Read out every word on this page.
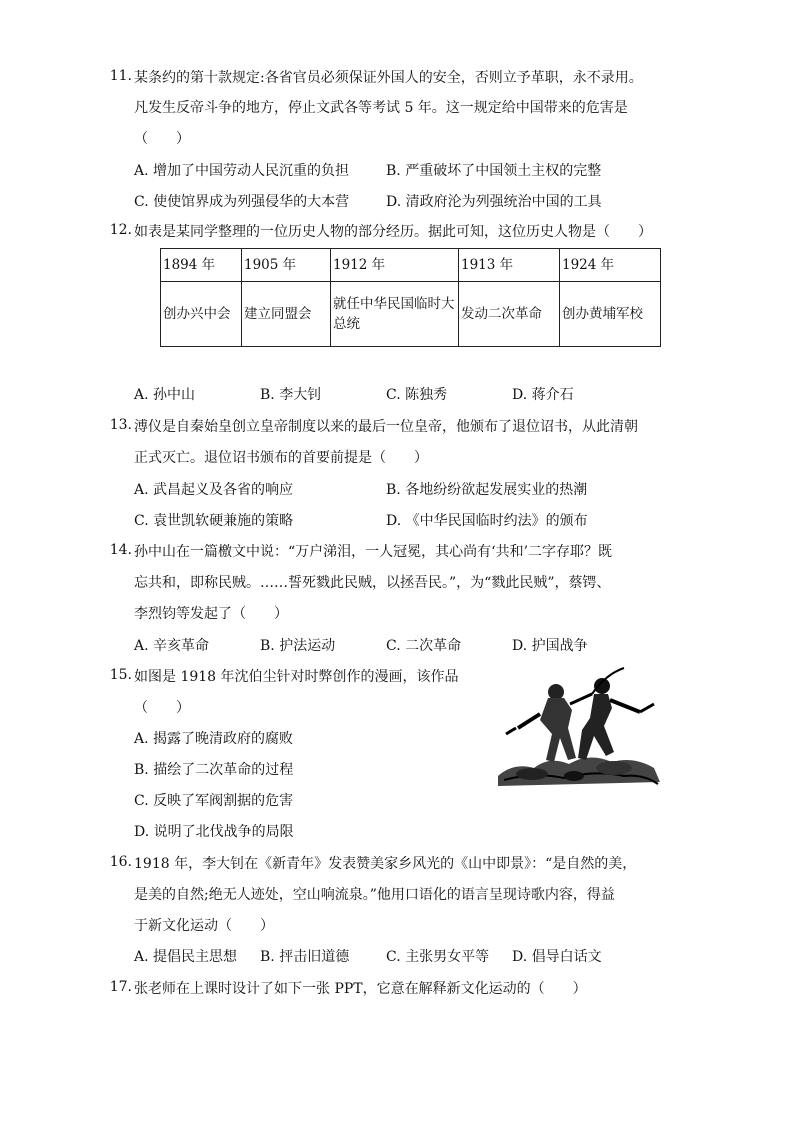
11. 某条约的第十款规定:各省官员必须保证外国人的安全，否则立予革职，永不录用。
凡发生反帝斗争的地方，停止文武各等考试 5 年。这一规定给中国带来的危害是
（　　）
A. 增加了中国劳动人民沉重的负担	B. 严重破坏了中国领土主权的完整
C. 使使馆界成为列强侵华的大本营	D. 清政府沦为列强统治中国的工具
12. 如表是某同学整理的一位历史人物的部分经历。据此可知，这位历史人物是（　　）
A. 孙中山	B. 李大钊	C. 陈独秀	D. 蒋介石
1894 年	1905 年	1912 年	1913 年	1924 年
创办兴中会	建立同盟会	就任中华民国临时大总统	发动二次革命	创办黄埔军校
13. 溥仪是自秦始皇创立皇帝制度以来的最后一位皇帝，他颁布了退位诏书，从此清朝
正式灭亡。退位诏书颁布的首要前提是（　　）
A. 武昌起义及各省的响应	B. 各地纷纷欲起发展实业的热潮
C. 袁世凯软硬兼施的策略	D. 《中华民国临时约法》的颁布
14. 孙中山在一篇檄文中说：“万户涕泪，一人冠冕，其心尚有‘共和’二字存耶？既
忘共和，即称民贼。……誓死戮此民贼，以拯吾民。”，为“戮此民贼”，蔡锷、
李烈钧等发起了（　　）
A. 辛亥革命	B. 护法运动	C. 二次革命	D. 护国战争
15. 如图是 1918 年沈伯尘针对时弊创作的漫画，该作品
（　　）
A. 揭露了晚清政府的腐败
B. 描绘了二次革命的过程
C. 反映了军阀割据的危害
D. 说明了北伐战争的局限
16. 1918 年，李大钊在《新青年》发表赞美家乡风光的《山中即景》：“是自然的美，
是美的自然;绝无人迹处，空山响流泉。”他用口语化的语言呈现诗歌内容，得益
于新文化运动（　　）
A. 提倡民主思想 B. 抨击旧道德	C. 主张男女平等 D. 倡导白话文
17. 张老师在上课时设计了如下一张 PPT，它意在解释新文化运动的（　　）
